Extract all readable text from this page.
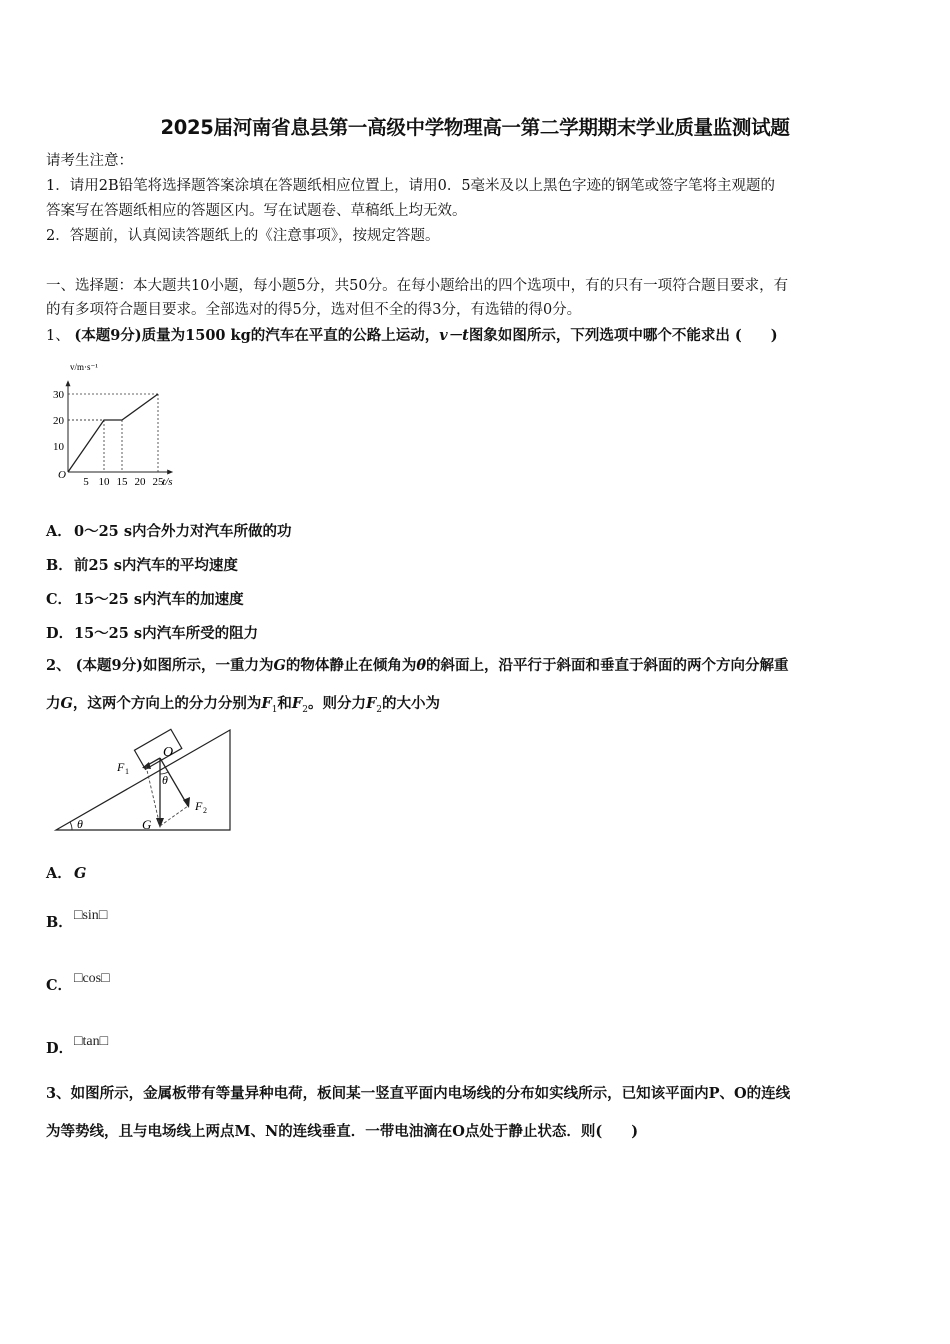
2025届河南省息县第一高级中学物理高一第二学期期末学业质量监测试题
请考生注意：
1．请用2B铅笔将选择题答案涂填在答题纸相应位置上，请用0．5毫米及以上黑色字迹的钢笔或签字笔将主观题的
答案写在答题纸相应的答题区内。写在试题卷、草稿纸上均无效。
2．答题前，认真阅读答题纸上的《注意事项》，按规定答题。
一、选择题：本大题共10小题，每小题5分，共50分。在每小题给出的四个选项中，有的只有一项符合题目要求，有
的有多项符合题目要求。全部选对的得5分，选对但不全的得3分，有选错的得0分。
1、 (本题9分)质量为1500 kg的汽车在平直的公路上运动，v－t图象如图所示，下列选项中哪个不能求出 (　　)
10
20
30
5 10 15 20 25
O
v/m·s⁻¹
t/s
A． 0～25 s内合外力对汽车所做的功
B．前25 s内汽车的平均速度
C． 15～25 s内汽车的加速度
D．15～25 s内汽车所受的阻力
2、 (本题9分)如图所示，一重力为G的物体静止在倾角为θ的斜面上，沿平行于斜面和垂直于斜面的两个方向分解重
力G，这两个方向上的分力分别为$F_1$和$F_2$。则分力$F_2$的大小为
O
F 1
F 2
θ
θ	G
A． G
B．□sin□
C． □cos□
D．□tan□
3、如图所示，金属板带有等量异种电荷，板间某一竖直平面内电场线的分布如实线所示，已知该平面内P、O的连线
为等势线，且与电场线上两点M、N的连线垂直．一带电油滴在O点处于静止状态．则(　　)
